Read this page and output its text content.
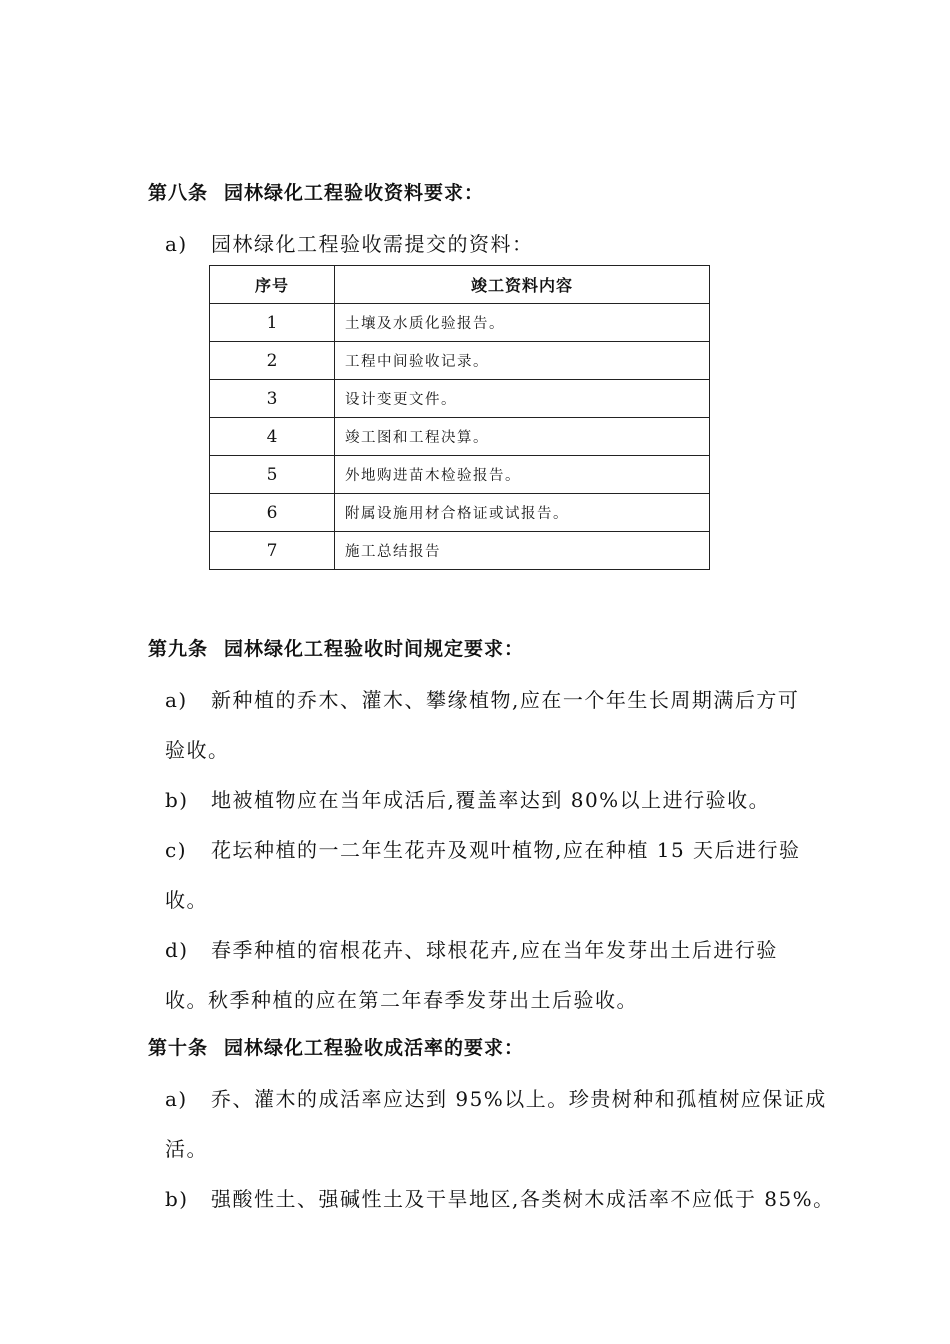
第八条 园林绿化工程验收资料要求：
a) 园林绿化工程验收需提交的资料：
序号	竣工资料内容
1	土壤及水质化验报告。
2	工程中间验收记录。
3	设计变更文件。
4	竣工图和工程决算。
5	外地购进苗木检验报告。
6	附属设施用材合格证或试报告。
7	施工总结报告
第九条 园林绿化工程验收时间规定要求：
a) 新种植的乔木、灌木、攀缘植物,应在一个年生长周期满后方可
验收。
b) 地被植物应在当年成活后,覆盖率达到 80%以上进行验收。
c) 花坛种植的一二年生花卉及观叶植物,应在种植 15 天后进行验
收。
d) 春季种植的宿根花卉、球根花卉,应在当年发芽出土后进行验
收。秋季种植的应在第二年春季发芽出土后验收。
第十条 园林绿化工程验收成活率的要求：
a) 乔、灌木的成活率应达到 95%以上。珍贵树种和孤植树应保证成
活。
b) 强酸性土、强碱性土及干旱地区,各类树木成活率不应低于 85%。
